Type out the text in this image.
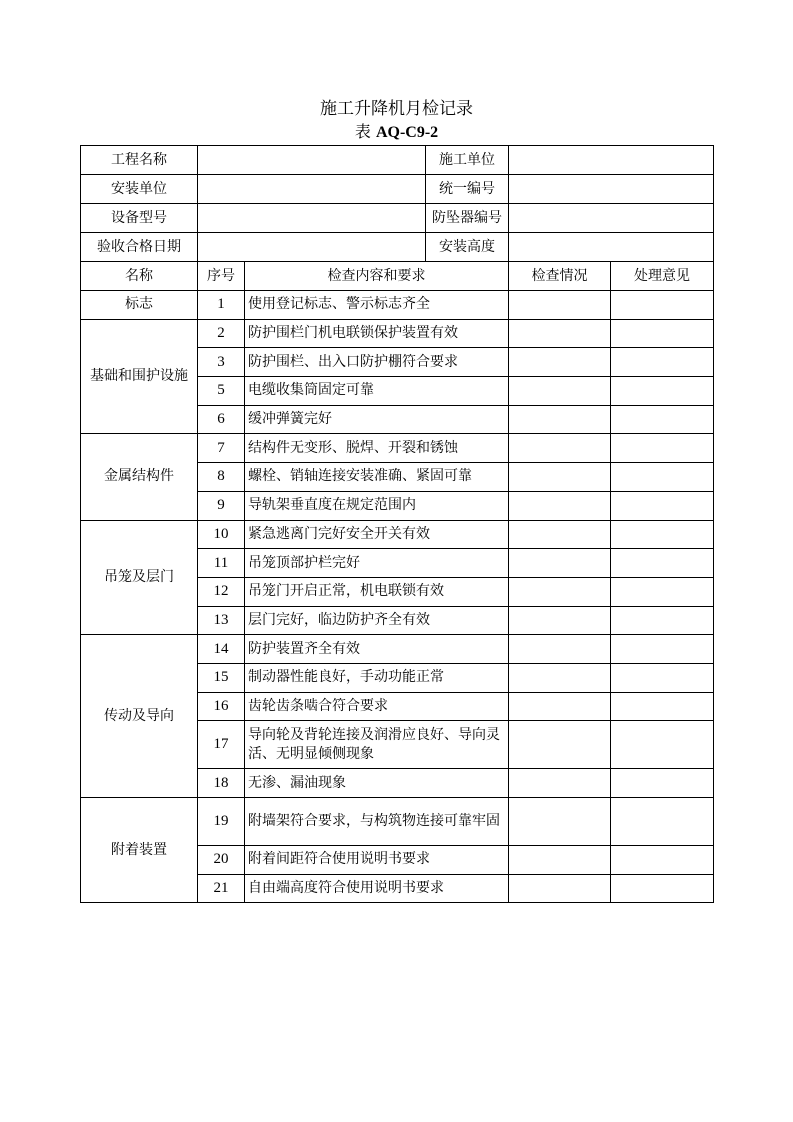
施工升降机月检记录
表 AQ-C9-2
工程名称			施工单位		
安装单位			统一编号		
设备型号			防坠器编号		
验收合格日期			安装高度		
名称	序号	检查内容和要求		检查情况	处理意见
标志	1	使用登记标志、警示标志齐全			
基础和围护设施	2	防护围栏门机电联锁保护装置有效			
	3	防护围栏、出入口防护棚符合要求			
	5	电缆收集筒固定可靠			
	6	缓冲弹簧完好			
金属结构件	7	结构件无变形、脱焊、开裂和锈蚀			
	8	螺栓、销轴连接安装准确、紧固可靠			
	9	导轨架垂直度在规定范围内			
吊笼及层门	10	紧急逃离门完好安全开关有效			
	11	吊笼顶部护栏完好			
	12	吊笼门开启正常，机电联锁有效			
	13	层门完好，临边防护齐全有效			
传动及导向	14	防护装置齐全有效			
	15	制动器性能良好，手动功能正常			
	16	齿轮齿条啮合符合要求			
	17	导向轮及背轮连接及润滑应良好、导向灵活、无明显倾侧现象			
	18	无渗、漏油现象			
附着装置	19	附墙架符合要求，与构筑物连接可靠牢固			
	20	附着间距符合使用说明书要求			
	21	自由端高度符合使用说明书要求			
